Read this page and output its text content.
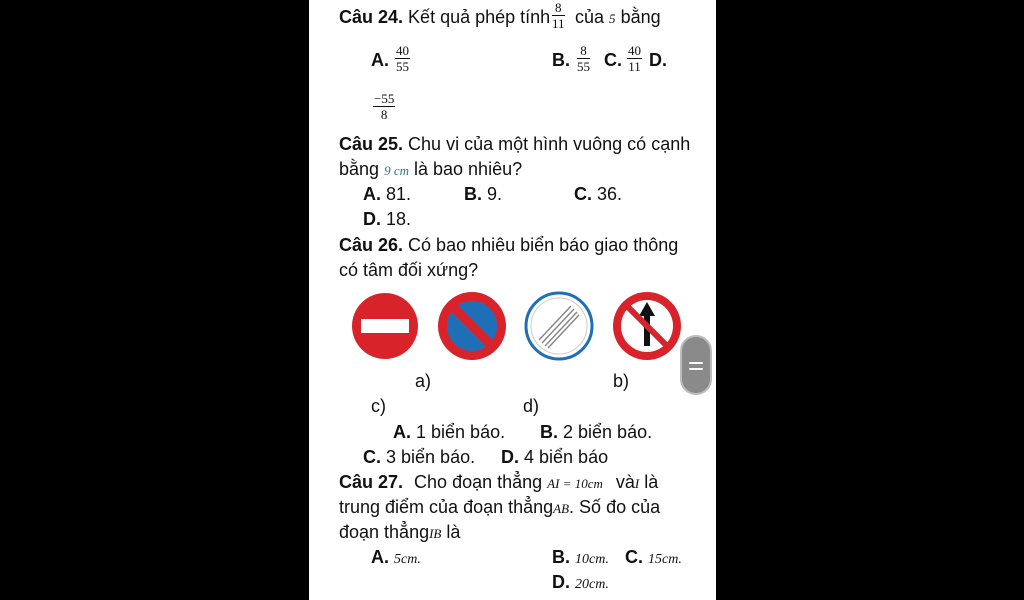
Câu 24. Kết quả phép tính $\frac{8}{11}$ của 5 bằng
A. $\frac{40}{55}$	B. $\frac{8}{55} C$. $\frac{40}{11} D$.
$\frac{-55}{8}$
Câu 25. Chu vi của một hình vuông có cạnh
bằng 9 cm là bao nhiêu?
A. 81.	B. 9.	C. 36.
D. 18.
Câu 26. Có bao nhiêu biển báo giao thông
có tâm đối xứng?
a)	b)
c)	d)
A. 1 biển báo. B. 2 biển báo.
C. 3 biển báo. D. 4 biển báo
Câu 27. Cho đoạn thẳng AI = 10cm vàI là
trung điểm của đoạn thẳngAB. Số đo của
đoạn thẳngIB là
A. 5cm.	B. 10cm. C. 15cm.
D. 20cm.
